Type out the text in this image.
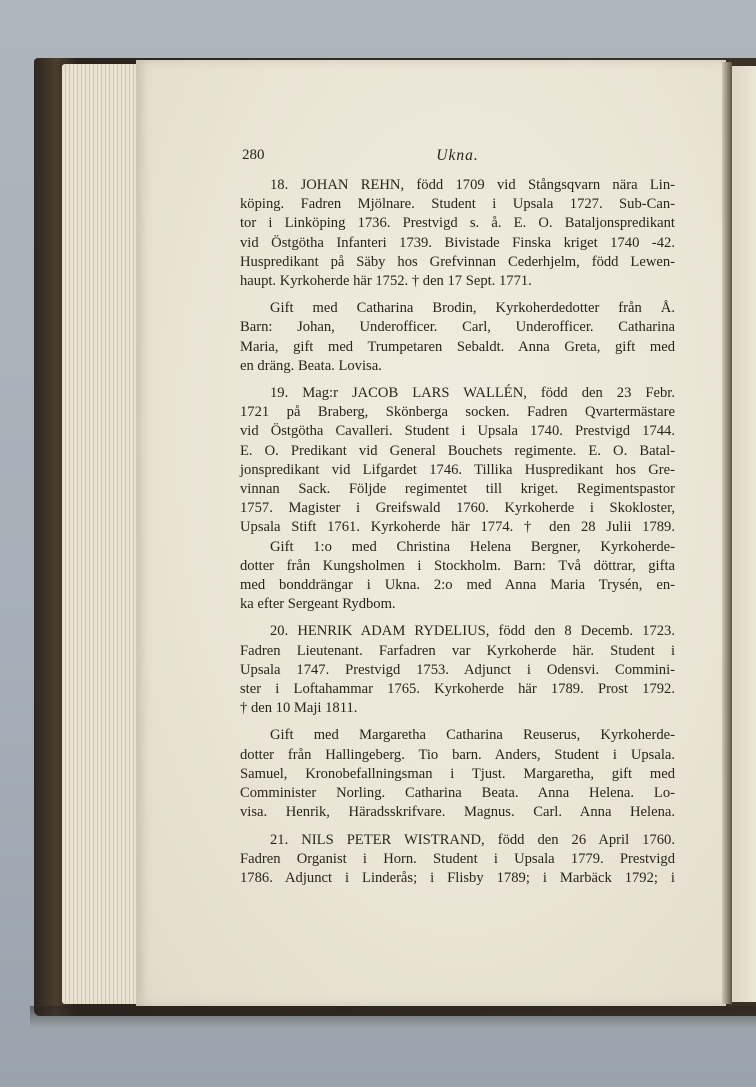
280	Ukna.

18. JOHAN REHN, född 1709 vid Stångsqvarn nära Lin-

köping. Fadren Mjölnare. Student i Upsala 1727. Sub-Can-

tor i Linköping 1736. Prestvigd s. å. E. O. Bataljonspredikant

vid Östgötha Infanteri 1739. Bivistade Finska kriget 1740 -42.

Huspredikant på Säby hos Grefvinnan Cederhjelm, född Lewen-

haupt. Kyrkoherde här 1752. † den 17 Sept. 1771.

Gift med Catharina Brodin, Kyrkoherdedotter från Å.

Barn: Johan, Underofficer. Carl, Underofficer. Catharina

Maria, gift med Trumpetaren Sebaldt. Anna Greta, gift med

en dräng. Beata. Lovisa.

19. Mag:r JACOB LARS WALLÉN, född den 23 Febr.

1721 på Braberg, Skönberga socken. Fadren Qvartermästare

vid Östgötha Cavalleri. Student i Upsala 1740. Prestvigd 1744.

E. O. Predikant vid General Bouchets regimente. E. O. Batal-

jonspredikant vid Lifgardet 1746. Tillika Huspredikant hos Gre-

vinnan Sack. Följde regimentet till kriget. Regimentspastor

1757. Magister i Greifswald 1760. Kyrkoherde i Skokloster,

Upsala Stift 1761. Kyrkoherde här 1774. † den 28 Julii 1789.

Gift 1:o med Christina Helena Bergner, Kyrkoherde-

dotter från Kungsholmen i Stockholm. Barn: Två döttrar, gifta

med bonddrängar i Ukna. 2:o med Anna Maria Trysén, en-

ka efter Sergeant Rydbom.

20. HENRIK ADAM RYDELIUS, född den 8 Decemb. 1723.

Fadren Lieutenant. Farfadren var Kyrkoherde här. Student i

Upsala 1747. Prestvigd 1753. Adjunct i Odensvi. Commini-

ster i Loftahammar 1765. Kyrkoherde här 1789. Prost 1792.

† den 10 Maji 1811.

Gift med Margaretha Catharina Reuserus, Kyrkoherde-

dotter från Hallingeberg. Tio barn. Anders, Student i Upsala.

Samuel, Kronobefallningsman i Tjust. Margaretha, gift med

Comminister Norling. Catharina Beata. Anna Helena. Lo-

visa. Henrik, Häradsskrifvare. Magnus. Carl. Anna Helena.

21. NILS PETER WISTRAND, född den 26 April 1760.

Fadren Organist i Horn. Student i Upsala 1779. Prestvigd

1786. Adjunct i Linderås; i Flisby 1789; i Marbäck 1792; i
